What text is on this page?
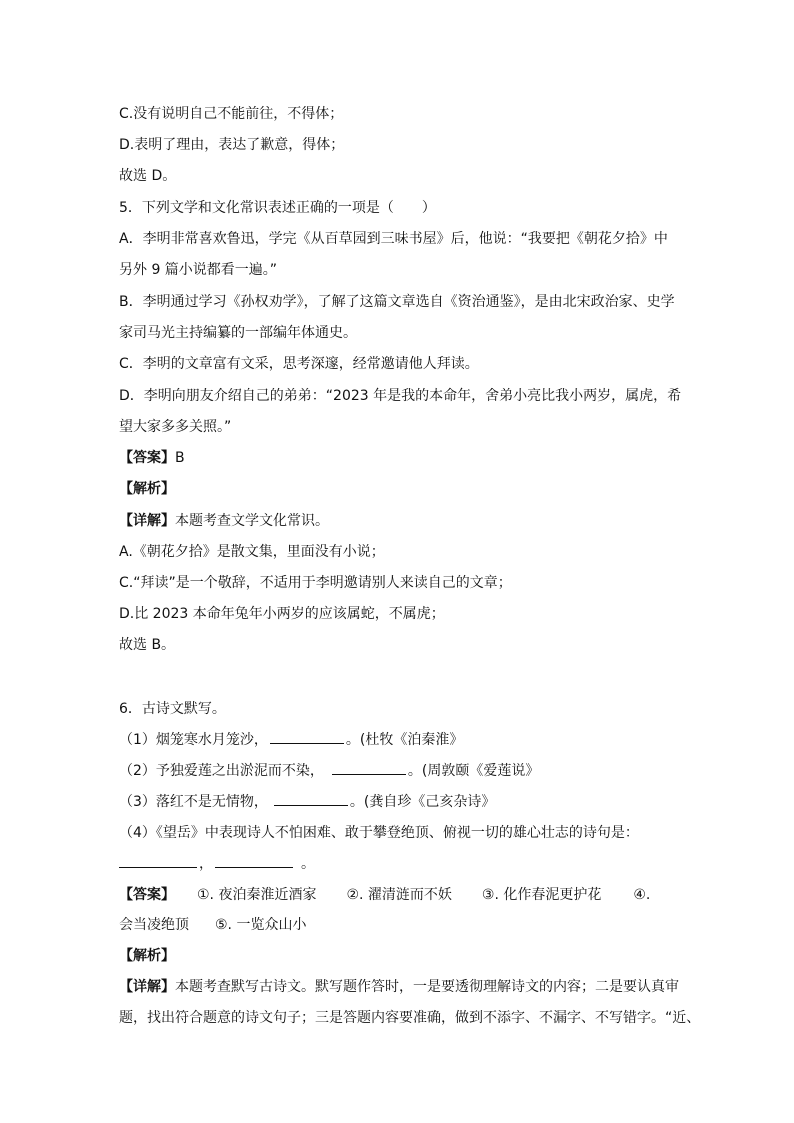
C.没有说明自己不能前往，不得体；
D.表明了理由，表达了歉意，得体；
故选 D。
5．下列文学和文化常识表述正确的一项是（　　）
A．李明非常喜欢鲁迅，学完《从百草园到三味书屋》后，他说：“我要把《朝花夕拾》中
另外 9 篇小说都看一遍。”
B．李明通过学习《孙权劝学》，了解了这篇文章选自《资治通鉴》，是由北宋政治家、史学
家司马光主持编纂的一部编年体通史。
C．李明的文章富有文采，思考深邃，经常邀请他人拜读。
D．李明向朋友介绍自己的弟弟：“2023 年是我的本命年，舍弟小亮比我小两岁，属虎，希
望大家多多关照。”
【答案】B
【解析】
【详解】本题考查文学文化常识。
A.《朝花夕拾》是散文集，里面没有小说；
C.“拜读”是一个敬辞，不适用于李明邀请别人来读自己的文章；
D.比 2023 本命年兔年小两岁的应该属蛇，不属虎；
故选 B。
6．古诗文默写。
（1）烟笼寒水月笼沙，	。(杜牧《泊秦淮》
（2）予独爱莲之出淤泥而不染，	。(周敦颐《爱莲说》
（3）落红不是无情物，	。(龚自珍《己亥杂诗》
（4）《望岳》中表现诗人不怕困难、敢于攀登绝顶、俯视一切的雄心壮志的诗句是：
，	。
【答案】 ①. 夜泊秦淮近酒家 ②. 濯清涟而不妖 ③. 化作春泥更护花 ④.
会当凌绝顶 ⑤. 一览众山小
【解析】
【详解】本题考查默写古诗文。默写题作答时，一是要透彻理解诗文的内容；二是要认真审
题，找出符合题意的诗文句子；三是答题内容要准确，做到不添字、不漏字、不写错字。“近、
